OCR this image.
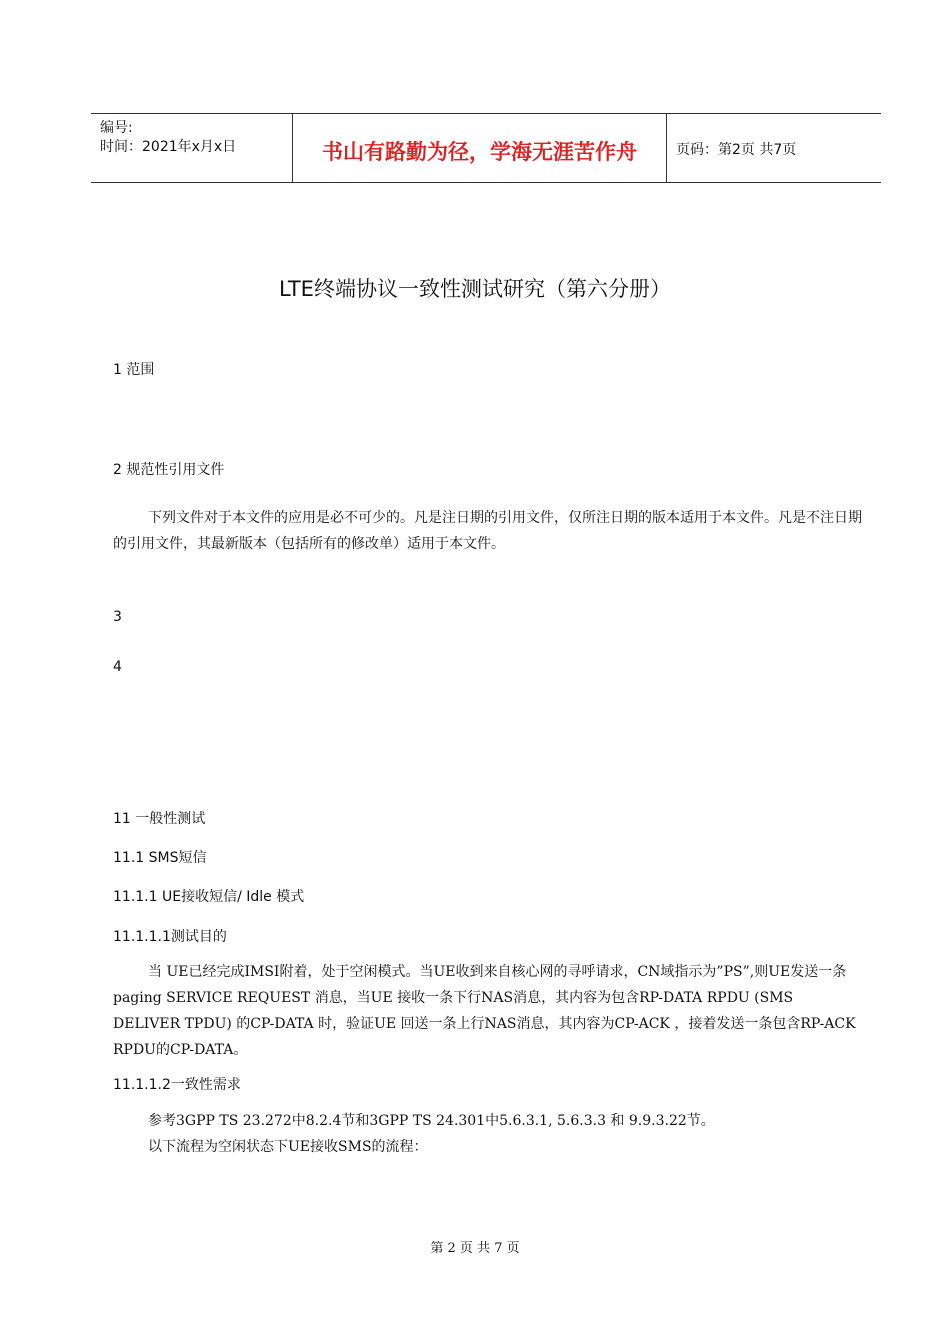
编号:
时间：2021年x月x日	书山有路勤为径，学海无涯苦作舟	页码：第2页 共7页
LTE终端协议一致性测试研究（第六分册）
1 范围
2 规范性引用文件
下列文件对于本文件的应用是必不可少的。凡是注日期的引用文件，仅所注日期的版本适用于本文件。凡是不注日期的引用文件，其最新版本（包括所有的修改单）适用于本文件。
3
4
11 一般性测试
11.1 SMS短信
11.1.1 UE接收短信/ Idle 模式
11.1.1.1测试目的
当 UE已经完成IMSI附着，处于空闲模式。当UE收到来自核心网的寻呼请求，CN域指示为”PS”,则UE发送一条 paging SERVICE REQUEST 消息，当UE 接收一条下行NAS消息，其内容为包含RP-DATA RPDU (SMS DELIVER TPDU) 的CP-DATA 时，验证UE 回送一条上行NAS消息，其内容为CP-ACK ，接着发送一条包含RP-ACK RPDU的CP-DATA。
11.1.1.2一致性需求
参考3GPP TS 23.272中8.2.4节和3GPP TS 24.301中5.6.3.1, 5.6.3.3 和 9.9.3.22节。
以下流程为空闲状态下UE接收SMS的流程：
第 2 页 共 7 页
